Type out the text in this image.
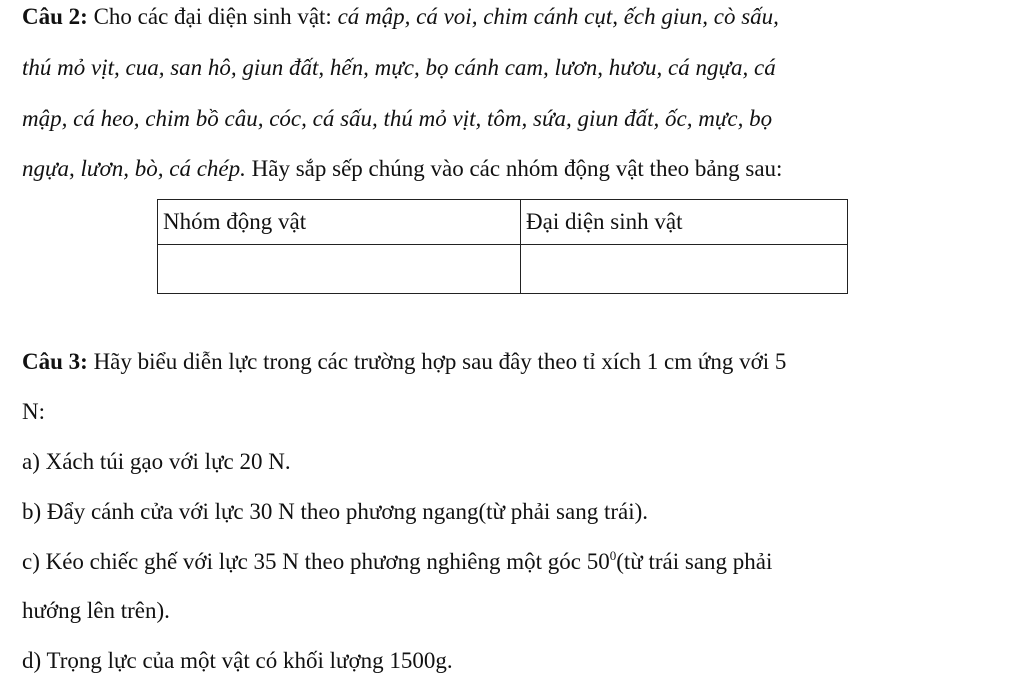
Câu 2: Cho các đại diện sinh vật: cá mập, cá voi, chim cánh cụt, ếch giun, cò sấu,
thú mỏ vịt, cua, san hô, giun đất, hến, mực, bọ cánh cam, lươn, hươu, cá ngựa, cá
mập, cá heo, chim bồ câu, cóc, cá sấu, thú mỏ vịt, tôm, sứa, giun đất, ốc, mực, bọ
ngựa, lươn, bò, cá chép. Hãy sắp sếp chúng vào các nhóm động vật theo bảng sau:
Nhóm động vật	Đại diện sinh vật

Câu 3: Hãy biểu diễn lực trong các trường hợp sau đây theo tỉ xích 1 cm ứng với 5
N:
a) Xách túi gạo với lực 20 N.
b) Đẩy cánh cửa với lực 30 N theo phương ngang(từ phải sang trái).
c) Kéo chiếc ghế với lực 35 N theo phương nghiêng một góc $50^0(từ$ trái sang phải
hướng lên trên).
d) Trọng lực của một vật có khối lượng 1500g.
